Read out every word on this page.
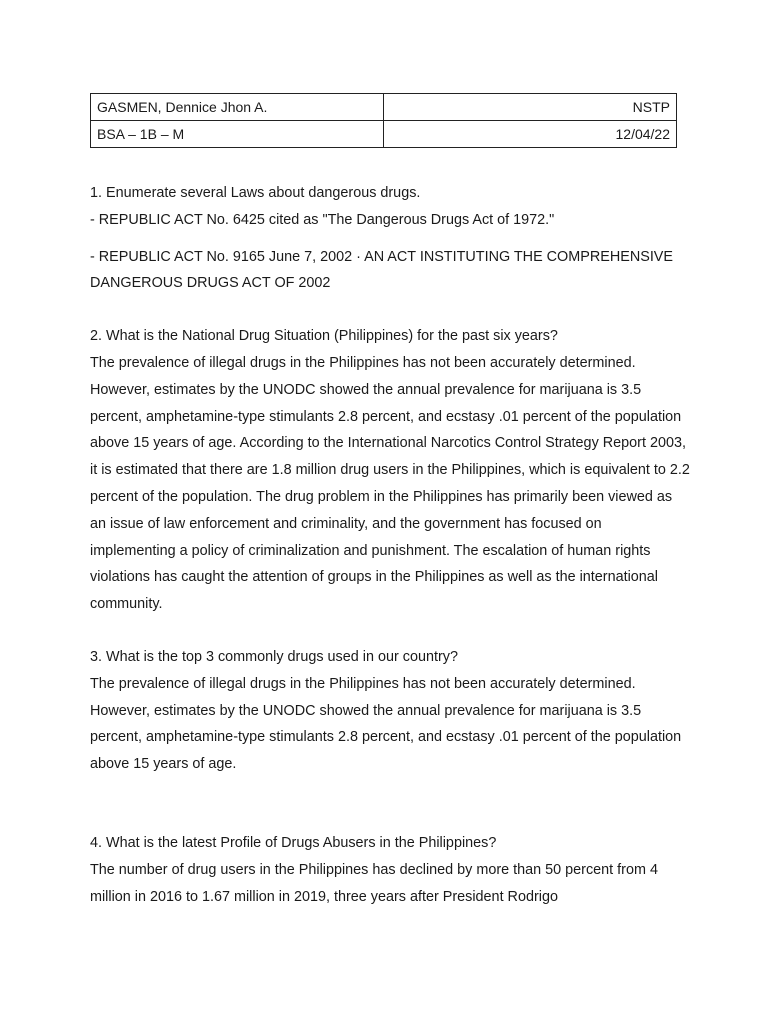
GASMEN, Dennice Jhon A.	NSTP
BSA – 1B – M	12/04/22

1. Enumerate several Laws about dangerous drugs.

- REPUBLIC ACT No. 6425 cited as "The Dangerous Drugs Act of 1972."

- REPUBLIC ACT No. 9165 June 7, 2002 · AN ACT INSTITUTING THE COMPREHENSIVE DANGEROUS DRUGS ACT OF 2002

2. What is the National Drug Situation (Philippines) for the past six years?

The prevalence of illegal drugs in the Philippines has not been accurately determined. However, estimates by the UNODC showed the annual prevalence for marijuana is 3.5 percent, amphetamine-type stimulants 2.8 percent, and ecstasy .01 percent of the population above 15 years of age. According to the International Narcotics Control Strategy Report 2003, it is estimated that there are 1.8 million drug users in the Philippines, which is equivalent to 2.2 percent of the population. The drug problem in the Philippines has primarily been viewed as an issue of law enforcement and criminality, and the government has focused on implementing a policy of criminalization and punishment. The escalation of human rights violations has caught the attention of groups in the Philippines as well as the international community.

3. What is the top 3 commonly drugs used in our country?

The prevalence of illegal drugs in the Philippines has not been accurately determined. However, estimates by the UNODC showed the annual prevalence for marijuana is 3.5 percent, amphetamine-type stimulants 2.8 percent, and ecstasy .01 percent of the population above 15 years of age.

4. What is the latest Profile of Drugs Abusers in the Philippines?

The number of drug users in the Philippines has declined by more than 50 percent from 4 million in 2016 to 1.67 million in 2019, three years after President Rodrigo
